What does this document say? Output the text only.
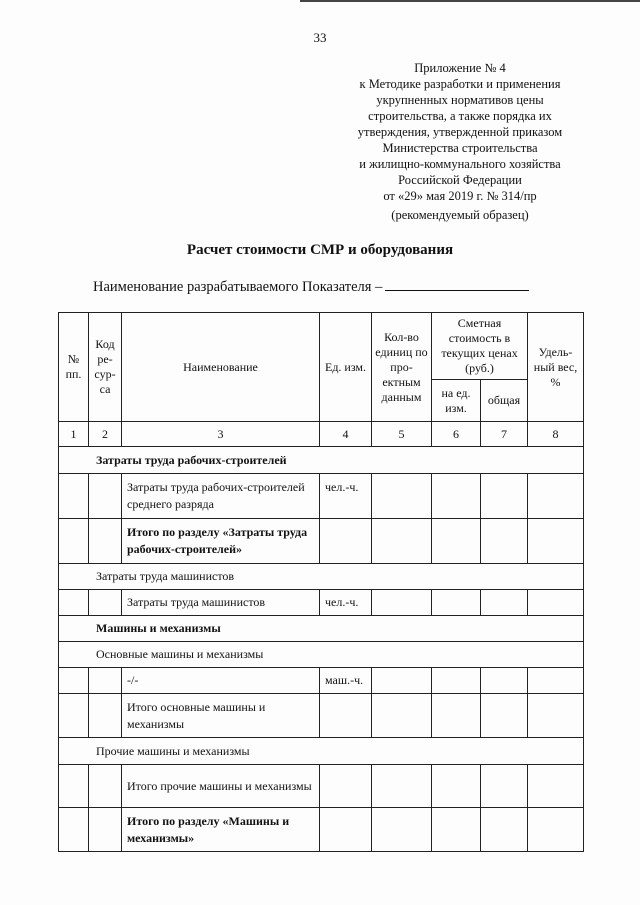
33
Приложение № 4
к Методике разработки и применения
укрупненных нормативов цены
строительства, а также порядка их
утверждения, утвержденной приказом
Министерства строительства
и жилищно-коммунального хозяйства
Российской Федерации
от «29» мая 2019 г. № 314/пр
(рекомендуемый образец)
Расчет стоимости СМР и оборудования
Наименование разрабатываемого Показателя –
№ пп.	Код ре- сур- са	Наименование	Ед. изм.	Кол-во единиц по про- ектным данным	Сметная стоимость в текущих ценах (руб.)		Удель- ный вес, %
					на ед. изм.	общая	
1	2	3	4	5	6	7	8
Затраты труда рабочих-строителей							
		Затраты труда рабочих-строителей среднего разряда	чел.-ч.				
		Итого по разделу «Затраты труда рабочих-строителей»					
Затраты труда машинистов							
		Затраты труда машинистов	чел.-ч.				
Машины и механизмы							
Основные машины и механизмы							
		-/-	маш.-ч.				
		Итого основные машины и механизмы					
Прочие машины и механизмы							
		Итого прочие машины и механизмы					
		Итого по разделу «Машины и механизмы»					
